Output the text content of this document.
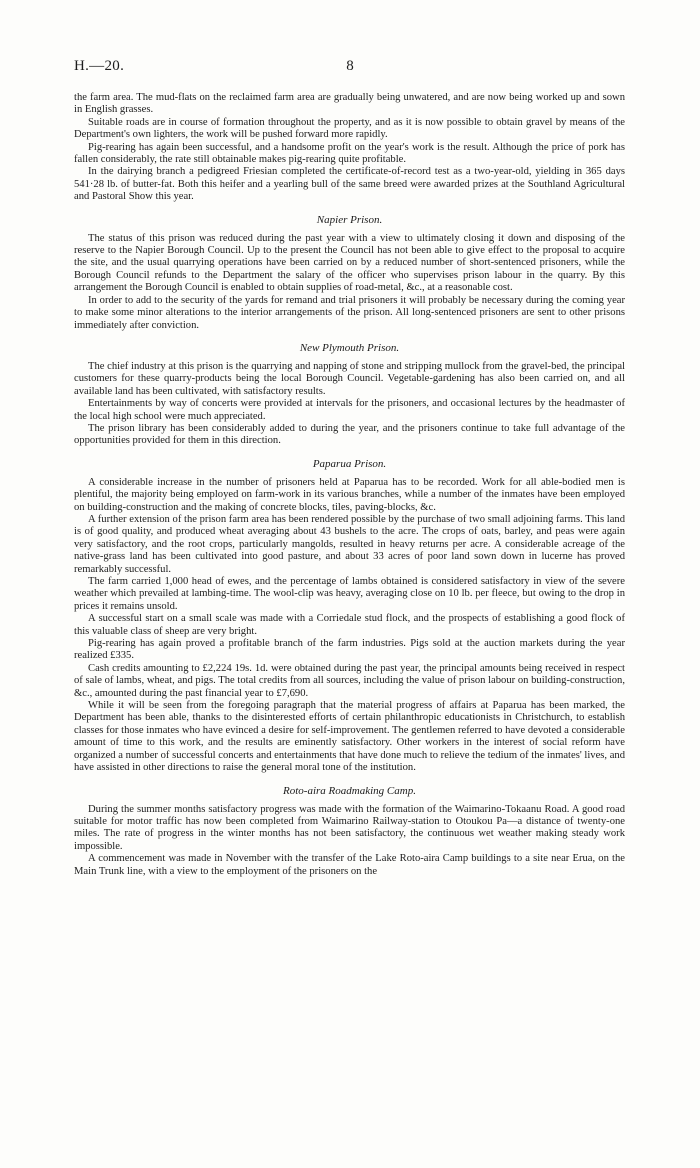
H.—20.	8

the farm area. The mud-flats on the reclaimed farm area are gradually being unwatered, and are now being worked up and sown in English grasses.

Suitable roads are in course of formation throughout the property, and as it is now possible to obtain gravel by means of the Department's own lighters, the work will be pushed forward more rapidly.

Pig-rearing has again been successful, and a handsome profit on the year's work is the result. Although the price of pork has fallen considerably, the rate still obtainable makes pig-rearing quite profitable.

In the dairying branch a pedigreed Friesian completed the certificate-of-record test as a two-year-old, yielding in 365 days 541·28 lb. of butter-fat. Both this heifer and a yearling bull of the same breed were awarded prizes at the Southland Agricultural and Pastoral Show this year.

Napier Prison.

The status of this prison was reduced during the past year with a view to ultimately closing it down and disposing of the reserve to the Napier Borough Council. Up to the present the Council has not been able to give effect to the proposal to acquire the site, and the usual quarrying operations have been carried on by a reduced number of short-sentenced prisoners, while the Borough Council refunds to the Department the salary of the officer who supervises prison labour in the quarry. By this arrangement the Borough Council is enabled to obtain supplies of road-metal, &c., at a reasonable cost.

In order to add to the security of the yards for remand and trial prisoners it will probably be necessary during the coming year to make some minor alterations to the interior arrangements of the prison. All long-sentenced prisoners are sent to other prisons immediately after conviction.

New Plymouth Prison.

The chief industry at this prison is the quarrying and napping of stone and stripping mullock from the gravel-bed, the principal customers for these quarry-products being the local Borough Council. Vegetable-gardening has also been carried on, and all available land has been cultivated, with satisfactory results.

Entertainments by way of concerts were provided at intervals for the prisoners, and occasional lectures by the headmaster of the local high school were much appreciated.

The prison library has been considerably added to during the year, and the prisoners continue to take full advantage of the opportunities provided for them in this direction.

Paparua Prison.

A considerable increase in the number of prisoners held at Paparua has to be recorded. Work for all able-bodied men is plentiful, the majority being employed on farm-work in its various branches, while a number of the inmates have been employed on building-construction and the making of concrete blocks, tiles, paving-blocks, &c.

A further extension of the prison farm area has been rendered possible by the purchase of two small adjoining farms. This land is of good quality, and produced wheat averaging about 43 bushels to the acre. The crops of oats, barley, and peas were again very satisfactory, and the root crops, particularly mangolds, resulted in heavy returns per acre. A considerable acreage of the native-grass land has been cultivated into good pasture, and about 33 acres of poor land sown down in lucerne has proved remarkably successful.

The farm carried 1,000 head of ewes, and the percentage of lambs obtained is considered satisfactory in view of the severe weather which prevailed at lambing-time. The wool-clip was heavy, averaging close on 10 lb. per fleece, but owing to the drop in prices it remains unsold.

A successful start on a small scale was made with a Corriedale stud flock, and the prospects of establishing a good flock of this valuable class of sheep are very bright.

Pig-rearing has again proved a profitable branch of the farm industries. Pigs sold at the auction markets during the year realized £335.

Cash credits amounting to £2,224 19s. 1d. were obtained during the past year, the principal amounts being received in respect of sale of lambs, wheat, and pigs. The total credits from all sources, including the value of prison labour on building-construction, &c., amounted during the past financial year to £7,690.

While it will be seen from the foregoing paragraph that the material progress of affairs at Paparua has been marked, the Department has been able, thanks to the disinterested efforts of certain philanthropic educationists in Christchurch, to establish classes for those inmates who have evinced a desire for self-improvement. The gentlemen referred to have devoted a considerable amount of time to this work, and the results are eminently satisfactory. Other workers in the interest of social reform have organized a number of successful concerts and entertainments that have done much to relieve the tedium of the inmates' lives, and have assisted in other directions to raise the general moral tone of the institution.

Roto-aira Roadmaking Camp.

During the summer months satisfactory progress was made with the formation of the Waimarino-Tokaanu Road. A good road suitable for motor traffic has now been completed from Waimarino Railway-station to Otoukou Pa—a distance of twenty-one miles. The rate of progress in the winter months has not been satisfactory, the continuous wet weather making steady work impossible.

A commencement was made in November with the transfer of the Lake Roto-aira Camp buildings to a site near Erua, on the Main Trunk line, with a view to the employment of the prisoners on the
